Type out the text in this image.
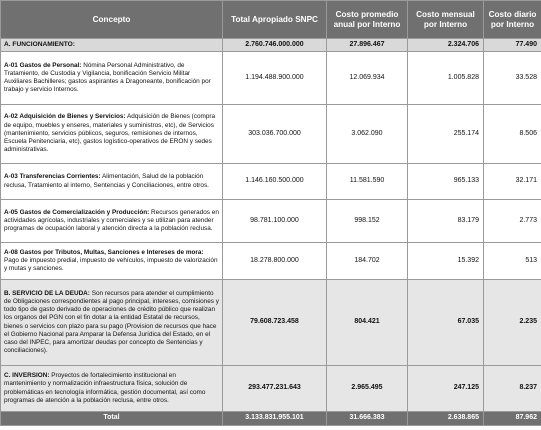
Concepto	Total Apropiado SNPC	Costo promedio anual por Interno	Costo mensual por Interno	Costo diario por Interno
A. FUNCIONAMIENTO:	2.760.746.000.000	27.896.467	2.324.706	77.490
A-01 Gastos de Personal: Nómina Personal Administrativo, de Tratamiento, de Custodia y Vigilancia, bonificación Servicio Militar Auxiliares Bachilleres; gastos aspirantes a Dragoneante, bonificación por trabajo y servicio Internos.	1.194.488.900.000	12.069.934	1.005.828	33.528
A-02 Adquisición de Bienes y Servicios: Adquisición de Bienes (compra de equipo, muebles y enseres, materiales y suministros, etc), de Servicios (mantenimiento, servicios públicos, seguros, remisiones de internos, Escuela Penitenciaria, etc), gastos logístico-operativos de ERON y sedes administrativas.	303.036.700.000	3.062.090	255.174	8.506
A-03 Transferencias Corrientes: Alimentación, Salud de la población reclusa, Tratamiento al interno, Sentencias y Conciliaciones, entre otros.	1.146.160.500.000	11.581.590	965.133	32.171
A-05 Gastos de Comercialización y Producción: Recursos generados en actividades agrícolas, industriales y comerciales y se utilizan para atender programas de ocupación laboral y atención directa a la población reclusa.	98.781.100.000	998.152	83.179	2.773
A-08 Gastos por Tributos, Multas, Sanciones e Intereses de mora: Pago de impuesto predial, impuesto de vehículos, impuesto de valorización y mutas y sanciones.	18.278.800.000	184.702	15.392	513
B. SERVICIO DE LA DEUDA: Son recursos para atender el cumplimiento de Obligaciones correspondientes al pago principal, intereses, comisiones y todo tipo de gasto derivado de operaciones de crédito público que realizan los organos del PGN con el fin dotar a la entidad Estatal de recursos, bienes o servicios con plazo para su pago (Provision de recursos que hace el Gobierno Nacional para Amparar la Defensa Jurídica del Estado, en el caso del INPEC, para amortizar deudas por concepto de Sentencias y conciliaciones).	79.608.723.458	804.421	67.035	2.235
C. INVERSION: Proyectos de fortalecimiento institucional en mantenimiento y normalización infraestructura física, solución de problemáticas en tecnología informática, gestión documental, así como programas de atención a la población reclusa, entre otros.	293.477.231.643	2.965.495	247.125	8.237
Total	3.133.831.955.101	31.666.383	2.638.865	87.962
